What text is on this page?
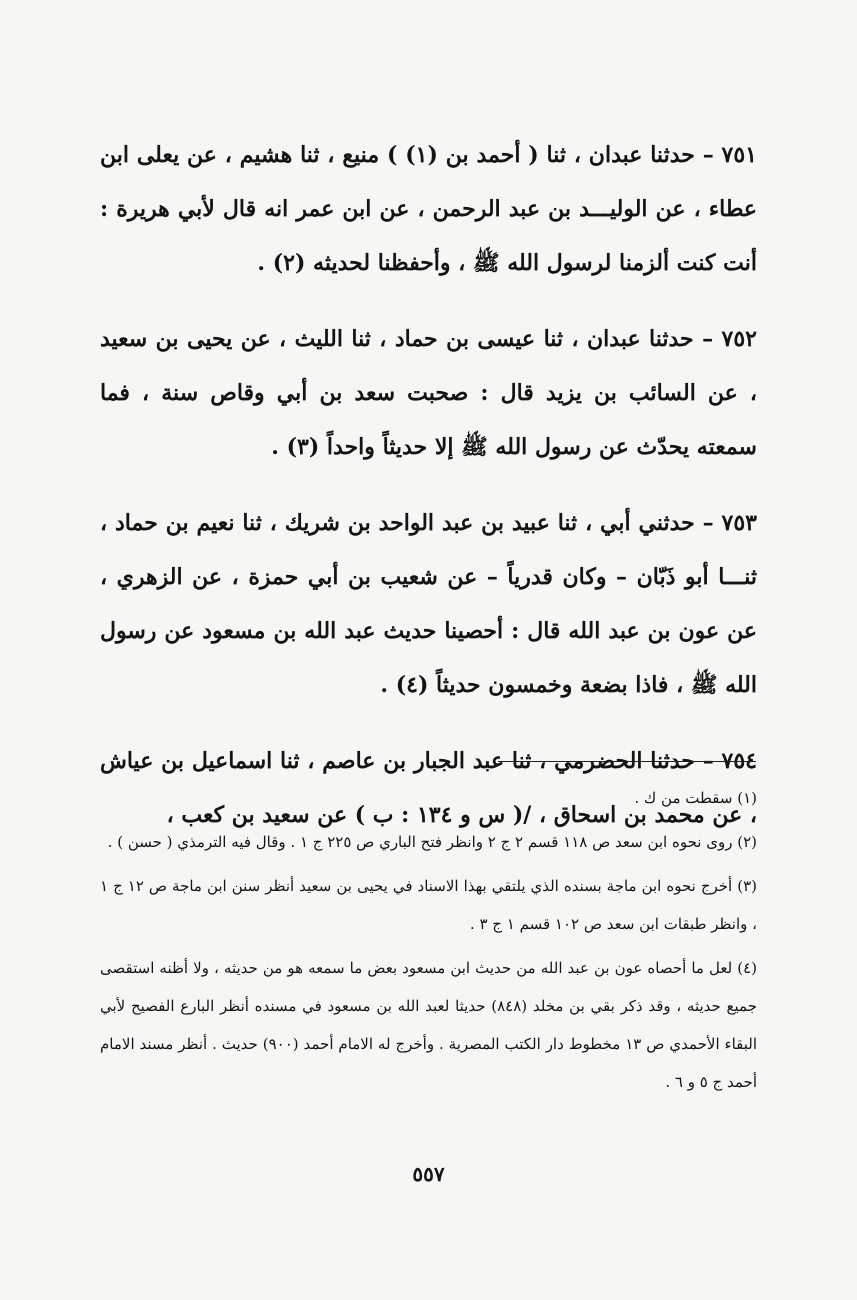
٧٥١ – حدثنا عبدان ، ثنا ( أحمد بن (١) ) منيع ، ثنا هشيم ، عن يعلى ابن عطاء ، عن الوليـــد بن عبد الرحمن ، عن ابن عمر انه قال لأبي هريرة : أنت كنت ألزمنا لرسول الله ﷺ ، وأحفظنا لحديثه (٢) .

٧٥٢ – حدثنا عبدان ، ثنا عيسى بن حماد ، ثنا الليث ، عن يحيى بن سعيد ، عن السائب بن يزيد قال : صحبت سعد بن أبي وقاص سنة ، فما سمعته يحدّث عن رسول الله ﷺ إلا حديثاً واحداً (٣) .

٧٥٣ – حدثني أبي ، ثنا عبيد بن عبد الواحد بن شريك ، ثنا نعيم بن حماد ، ثنـــا أبو ذَبّان – وكان قدرياً – عن شعيب بن أبي حمزة ، عن الزهري ، عن عون بن عبد الله قال : أحصينا حديث عبد الله بن مسعود عن رسول الله ﷺ ، فاذا بضعة وخمسون حديثاً (٤) .

٧٥٤ – حدثنا الحضرمي ، ثنا عبد الجبار بن عاصم ، ثنا اسماعيل بن عياش ، عن محمد بن اسحاق ، /( س و ١٣٤ : ب ) عن سعيد بن كعب ،

(١) سقطت من ك .

(٢) روى نحوه ابن سعد ص ١١٨ قسم ٢ ج ٢ وانظر فتح الباري ص ٢٢٥ ج ١ . وقال فيه الترمذي ( حسن ) .

(٣) أخرج نحوه ابن ماجة بسنده الذي يلتقي بهذا الاسناد في يحيى بن سعيد أنظر سنن ابن ماجة ص ١٢ ج ١ ، وانظر طبقات ابن سعد ص ١٠٢ قسم ١ ج ٣ .

(٤) لعل ما أحصاه عون بن عبد الله من حديث ابن مسعود بعض ما سمعه هو من حديثه ، ولا أظنه استقصى جميع حديثه ، وقد ذكر بقي بن مخلد (٨٤٨) حديثا لعبد الله بن مسعود في مسنده أنظر البارع الفصيح لأبي البقاء الأحمدي ص ١٣ مخطوط دار الكتب المصرية . وأخرج له الامام أحمد (٩٠٠) حديث . أنظر مسند الامام أحمد ج ٥ و ٦ .

٥٥٧
